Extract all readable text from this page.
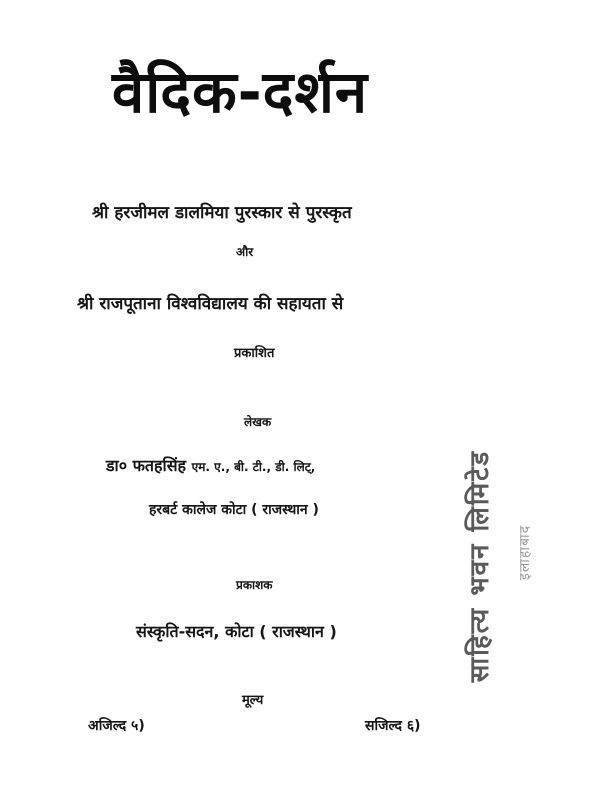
वैदिक-दर्शन
श्री हरजीमल डालमिया पुरस्कार से पुरस्कृत
और
श्री राजपूताना विश्वविद्यालय की सहायता से
प्रकाशित
लेखक
डा० फतहसिंह एम. ए., बी. टी., डी. लिट्,
हरबर्ट कालेज कोटा ( राजस्थान )
प्रकाशक
संस्कृति-सदन, कोटा ( राजस्थान )
मूल्य
अजिल्द ५)	सजिल्द ६)
साहित्य भवन लिमिटेड इलाहाबाद
